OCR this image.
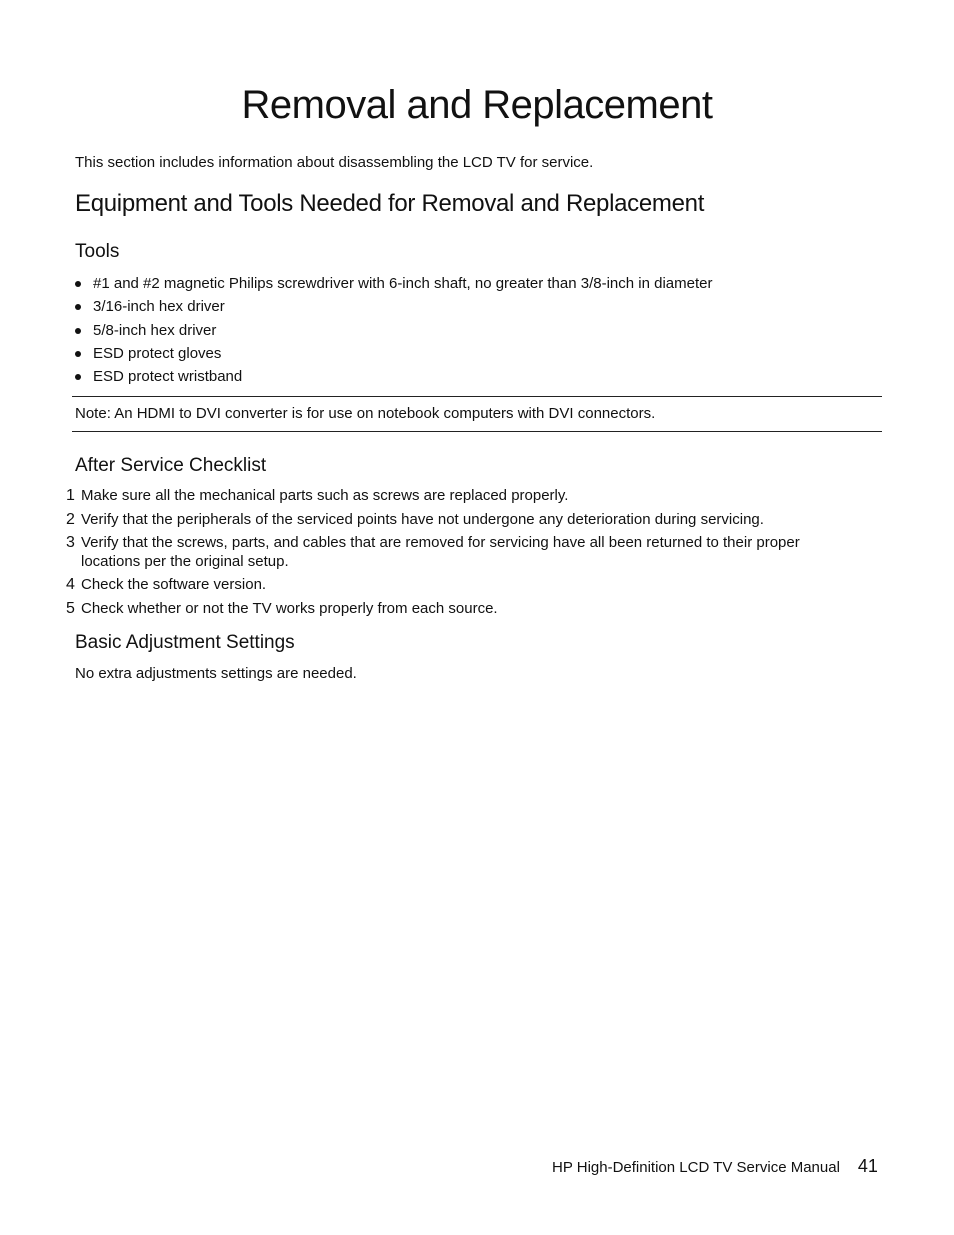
Removal and Replacement
This section includes information about disassembling the LCD TV for service.
Equipment and Tools Needed for Removal and Replacement
Tools
#1 and #2 magnetic Philips screwdriver with 6-inch shaft, no greater than 3/8-inch in diameter
3/16-inch hex driver
5/8-inch hex driver
ESD protect gloves
ESD protect wristband
Note: An HDMI to DVI converter is for use on notebook computers with DVI connectors.
After Service Checklist
1 Make sure all the mechanical parts such as screws are replaced properly.
2 Verify that the peripherals of the serviced points have not undergone any deterioration during servicing.
3 Verify that the screws, parts, and cables that are removed for servicing have all been returned to their proper locations per the original setup.
4 Check the software version.
5 Check whether or not the TV works properly from each source.
Basic Adjustment Settings
No extra adjustments settings are needed.
HP High-Definition LCD TV Service Manual 41
